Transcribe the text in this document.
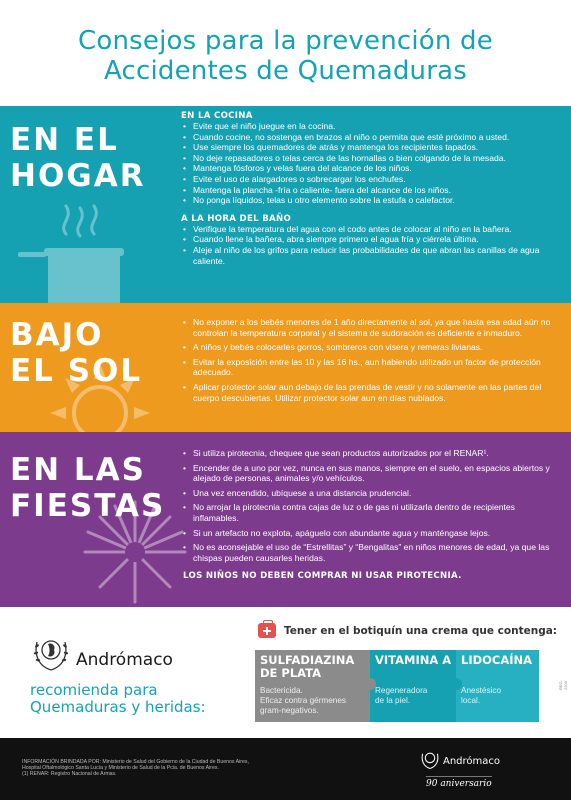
Consejos para la prevención de
Accidentes de Quemaduras
EN EL
HOGAR
EN LA COCINA
• Evite que el niño juegue en la cocina.
• Cuando cocine, no sostenga en brazos al niño o permita que esté próximo a usted.
• Use siempre los quemadores de atrás y mantenga los recipientes tapados.
• No deje repasadores o telas cerca de las hornallas o bien colgando de la mesada.
• Mantenga fósforos y velas fuera del alcance de los niños.
• Evite el uso de alargadores o sobrecargar los enchufes.
• Mantenga la plancha -fría o caliente- fuera del alcance de los niños.
• No ponga líquidos, telas u otro elemento sobre la estufa o calefactor.
A LA HORA DEL BAÑO
• Verifique la temperatura del agua con el codo antes de colocar al niño en la bañera.
• Cuando llene la bañera, abra siempre primero el agua fría y ciérrela última.
• Aleje al niño de los grifos para reducir las probabilidades de que abran las canillas de agua caliente.
BAJO
EL SOL
• No exponer a los bebés menores de 1 año directamente al sol, ya que hasta esa edad aún no controlan la temperatura corporal y el sistema de sudoración es deficiente e inmaduro.
• A niños y bebés colocarles gorros, sombreros con visera y remeras livianas.
• Evitar la exposición entre las 10 y las 16 hs., aun habiendo utilizado un factor de protección adecuado.
• Aplicar protector solar aun debajo de las prendas de vestir y no solamente en las partes del cuerpo descubiertas. Utilizar protector solar aun en días nublados.
EN LAS
FIESTAS
• Si utiliza pirotecnia, chequee que sean productos autorizados por el RENAR¹.
• Encender de a uno por vez, nunca en sus manos, siempre en el suelo, en espacios abiertos y alejado de personas, animales y/o vehículos.
• Una vez encendido, ubíquese a una distancia prudencial.
• No arrojar la pirotecnia contra cajas de luz o de gas ni utilizarla dentro de recipientes inflamables.
• Si un artefacto no explota, apáguelo con abundante agua y manténgase lejos.
• No es aconsejable el uso de “Estrellitas” y “Bengalitas” en niños menores de edad, ya que las chispas pueden causarles heridas.
LOS NIÑOS NO DEBEN COMPRAR NI USAR PIROTECNIA.
Andrómaco
recomienda para
Quemaduras y heridas:
Tener en el botiquín una crema que contenga:
SULFADIAZINA
DE PLATA
Bactericida.
Eficaz contra gérmenes
gram-negativos.
VITAMINA A
Regeneradora
de la piel.
LIDOCAÍNA
Anestésico
local.
REG-2204
INFORMACIÓN BRINDADA POR: Ministerio de Salud del Gobierno de la Ciudad de Buenos Aires,
Hospital Oftalmológico Santa Lucía y Ministerio de Salud de la Pcia. de Buenos Aires.
(1) RENAR: Registro Nacional de Armas.
Andrómaco
90 aniversario
